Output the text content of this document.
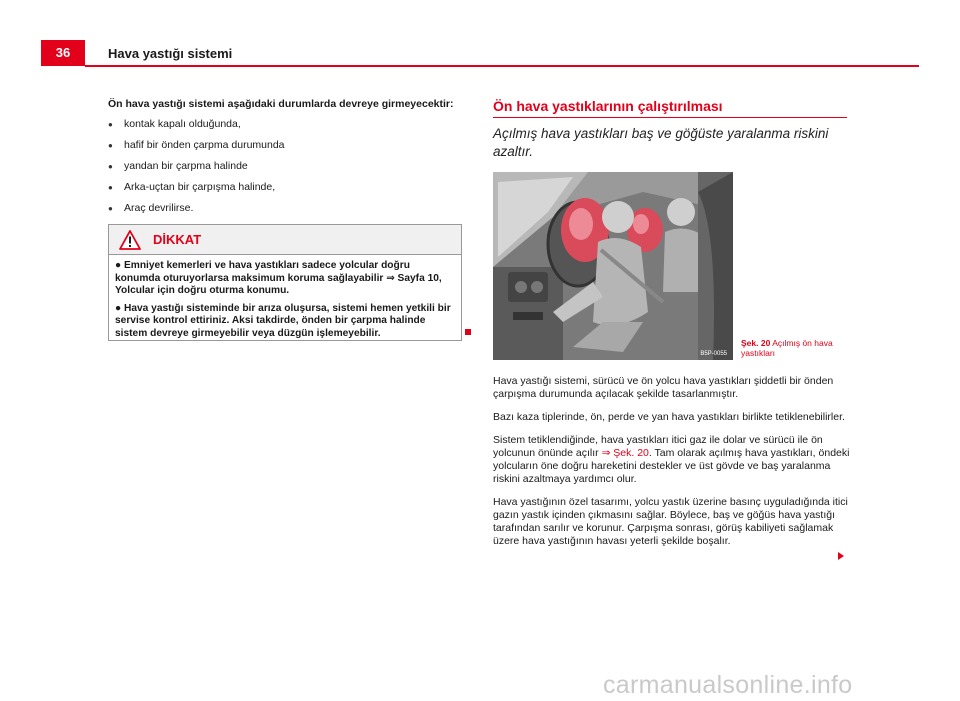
36	Hava yastığı sistemi

Ön hava yastığı sistemi aşağıdaki durumlarda devreye girmeyecektir:

● kontak kapalı olduğunda,
● hafif bir önden çarpma durumunda
● yandan bir çarpma halinde
● Arka-uçtan bir çarpışma halinde,
● Araç devrilirse.
DİKKAT

● Emniyet kemerleri ve hava yastıkları sadece yolcular doğru konumda oturuyorlarsa maksimum koruma sağlayabilir ⇒ Sayfa 10, Yolcular için doğru oturma konumu.

● Hava yastığı sisteminde bir arıza oluşursa, sistemi hemen yetkili bir servise kontrol ettiriniz. Aksi takdirde, önden bir çarpma halinde sistem devreye girmeyebilir veya düzgün işlemeyebilir.

Ön hava yastıklarının çalıştırılması
Açılmış hava yastıkları baş ve göğüste yaralanma riskini azaltır.
B5P-0055
Şek. 20 Açılmış ön hava yastıkları

Hava yastığı sistemi, sürücü ve ön yolcu hava yastıkları şiddetli bir önden çarpışma durumunda açılacak şekilde tasarlanmıştır.

Bazı kaza tiplerinde, ön, perde ve yan hava yastıkları birlikte tetiklenebilirler.

Sistem tetiklendiğinde, hava yastıkları itici gaz ile dolar ve sürücü ile ön yolcunun önünde açılır ⇒ Şek. 20. Tam olarak açılmış hava yastıkları, öndeki yolcuların öne doğru hareketini destekler ve üst gövde ve baş yaralanma riskini azaltmaya yardımcı olur.

Hava yastığının özel tasarımı, yolcu yastık üzerine basınç uyguladığında itici gazın yastık içinden çıkmasını sağlar. Böylece, baş ve göğüs hava yastığı tarafından sarılır ve korunur. Çarpışma sonrası, görüş kabiliyeti sağlamak üzere hava yastığının havası yeterli şekilde boşalır.

carmanualsonline.info
